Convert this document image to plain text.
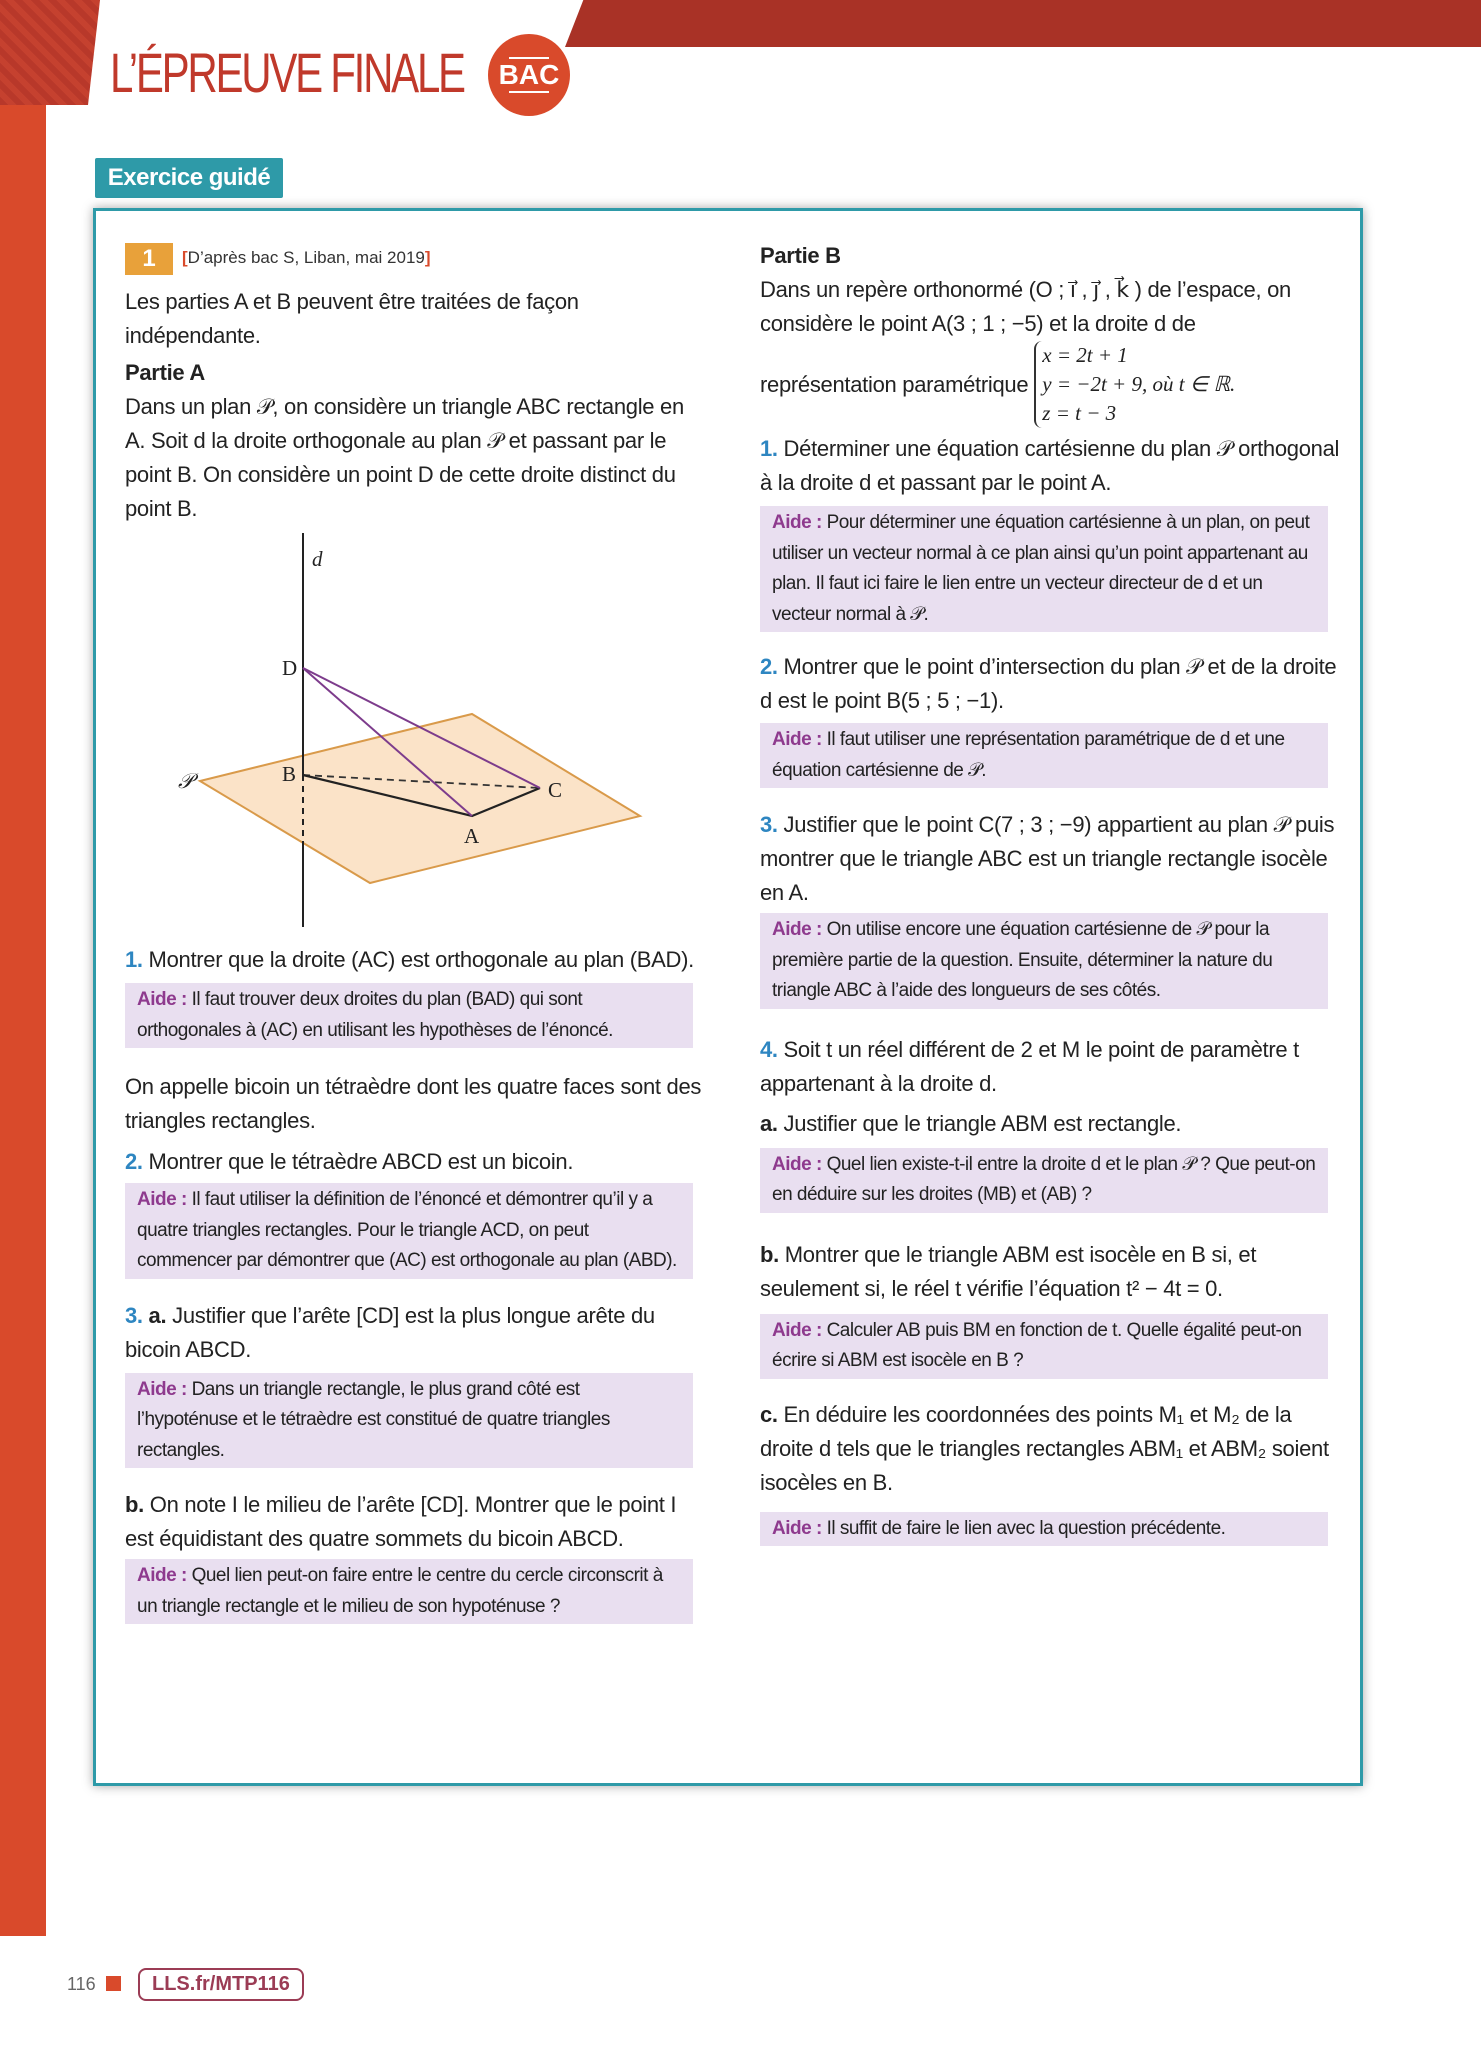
L’ÉPREUVE FINALE BAC
Exercice guidé
1	[D’après bac S, Liban, mai 2019]
Les parties A et B peuvent être traitées de façon indépendante.
Partie A
Dans un plan 𝒫, on considère un triangle ABC rectangle en A. Soit d la droite orthogonale au plan 𝒫 et passant par le point B. On considère un point D de cette droite distinct du point B.
d
D
B
C
A
𝒫
1. Montrer que la droite (AC) est orthogonale au plan (BAD).
Aide : Il faut trouver deux droites du plan (BAD) qui sont orthogonales à (AC) en utilisant les hypothèses de l’énoncé.
On appelle bicoin un tétraèdre dont les quatre faces sont des triangles rectangles.
2. Montrer que le tétraèdre ABCD est un bicoin.
Aide : Il faut utiliser la définition de l’énoncé et démontrer qu’il y a quatre triangles rectangles. Pour le triangle ACD, on peut commencer par démontrer que (AC) est orthogonale au plan (ABD).
3. a. Justifier que l’arête [CD] est la plus longue arête du bicoin ABCD.
Aide : Dans un triangle rectangle, le plus grand côté est l’hypoténuse et le tétraèdre est constitué de quatre triangles rectangles.
b. On note I le milieu de l’arête [CD]. Montrer que le point I est équidistant des quatre sommets du bicoin ABCD.
Aide : Quel lien peut-on faire entre le centre du cercle circonscrit à un triangle rectangle et le milieu de son hypoténuse ?
Partie B
Dans un repère orthonormé (O ; i⃗ , j⃗ , k⃗ ) de l’espace, on considère le point A(3 ; 1 ; −5) et la droite d de
représentation paramétrique
x = 2t + 1
y = −2t + 9, où t ∈ ℝ.
z = t − 3
1. Déterminer une équation cartésienne du plan 𝒫 orthogonal à la droite d et passant par le point A.
Aide : Pour déterminer une équation cartésienne à un plan, on peut utiliser un vecteur normal à ce plan ainsi qu’un point appartenant au plan. Il faut ici faire le lien entre un vecteur directeur de d et un vecteur normal à 𝒫.
2. Montrer que le point d’intersection du plan 𝒫 et de la droite d est le point B(5 ; 5 ; −1).
Aide : Il faut utiliser une représentation paramétrique de d et une équation cartésienne de 𝒫.
3. Justifier que le point C(7 ; 3 ; −9) appartient au plan 𝒫 puis montrer que le triangle ABC est un triangle rectangle isocèle en A.
Aide : On utilise encore une équation cartésienne de 𝒫 pour la première partie de la question. Ensuite, déterminer la nature du triangle ABC à l’aide des longueurs de ses côtés.
4. Soit t un réel différent de 2 et M le point de paramètre t appartenant à la droite d.
a. Justifier que le triangle ABM est rectangle.
Aide : Quel lien existe-t-il entre la droite d et le plan 𝒫 ? Que peut-on en déduire sur les droites (MB) et (AB) ?
b. Montrer que le triangle ABM est isocèle en B si, et seulement si, le réel t vérifie l’équation t² − 4t = 0.
Aide : Calculer AB puis BM en fonction de t. Quelle égalité peut-on écrire si ABM est isocèle en B ?
c. En déduire les coordonnées des points M₁ et M₂ de la droite d tels que le triangles rectangles ABM₁ et ABM₂ soient isocèles en B.
Aide : Il suffit de faire le lien avec la question précédente.
116	LLS.fr/MTP116
